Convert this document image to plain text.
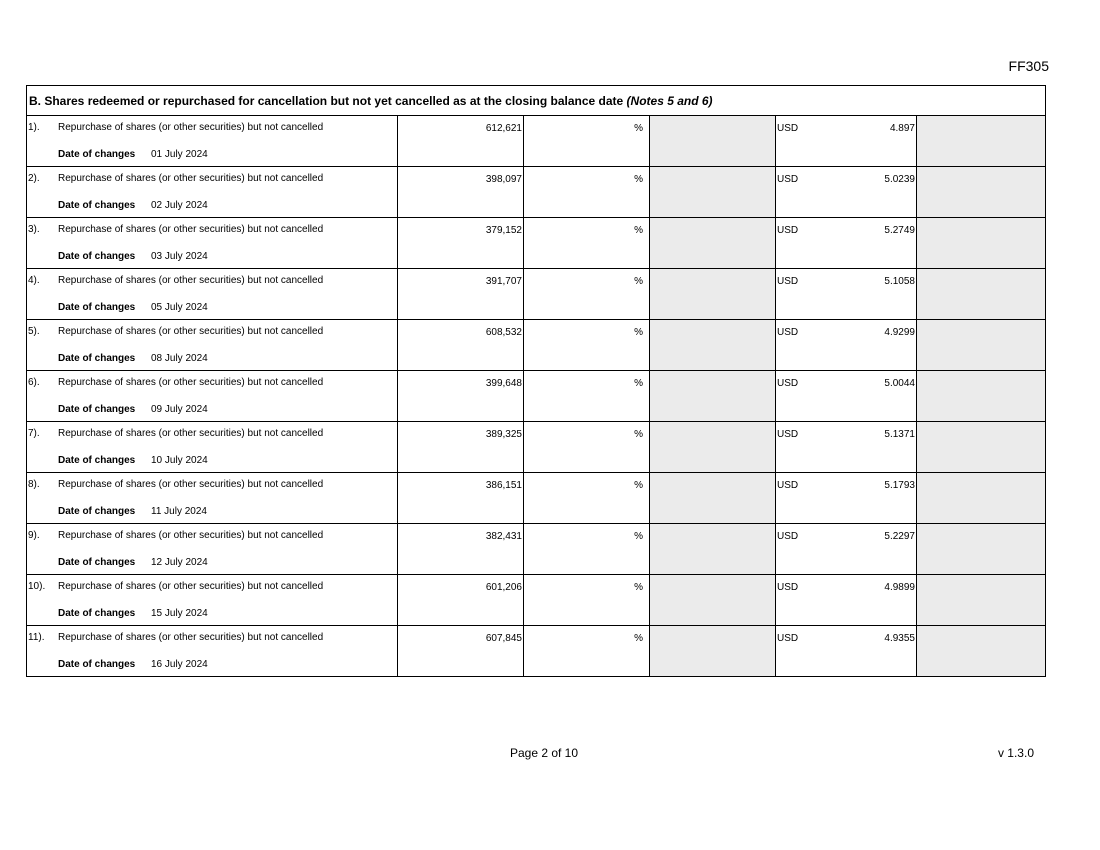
FF305
B. Shares redeemed or repurchased for cancellation but not yet cancelled as at the closing balance date (Notes 5 and 6)					

1). Repurchase of shares (or other securities) but not cancelled
Date of changes 01 July 2024	612,621	%		USD 4.897	

2). Repurchase of shares (or other securities) but not cancelled
Date of changes 02 July 2024	398,097	%		USD 5.0239	

3). Repurchase of shares (or other securities) but not cancelled
Date of changes 03 July 2024	379,152	%		USD 5.2749	

4). Repurchase of shares (or other securities) but not cancelled
Date of changes 05 July 2024	391,707	%		USD 5.1058	

5). Repurchase of shares (or other securities) but not cancelled
Date of changes 08 July 2024	608,532	%		USD 4.9299	

6). Repurchase of shares (or other securities) but not cancelled
Date of changes 09 July 2024	399,648	%		USD 5.0044	

7). Repurchase of shares (or other securities) but not cancelled
Date of changes 10 July 2024	389,325	%		USD 5.1371	

8). Repurchase of shares (or other securities) but not cancelled
Date of changes 11 July 2024	386,151	%		USD 5.1793	

9). Repurchase of shares (or other securities) but not cancelled
Date of changes 12 July 2024	382,431	%		USD 5.2297	

10). Repurchase of shares (or other securities) but not cancelled
Date of changes 15 July 2024	601,206	%		USD 4.9899	

11). Repurchase of shares (or other securities) but not cancelled
Date of changes 16 July 2024	607,845	%		USD 4.9355	

Page 2 of 10	v 1.3.0
